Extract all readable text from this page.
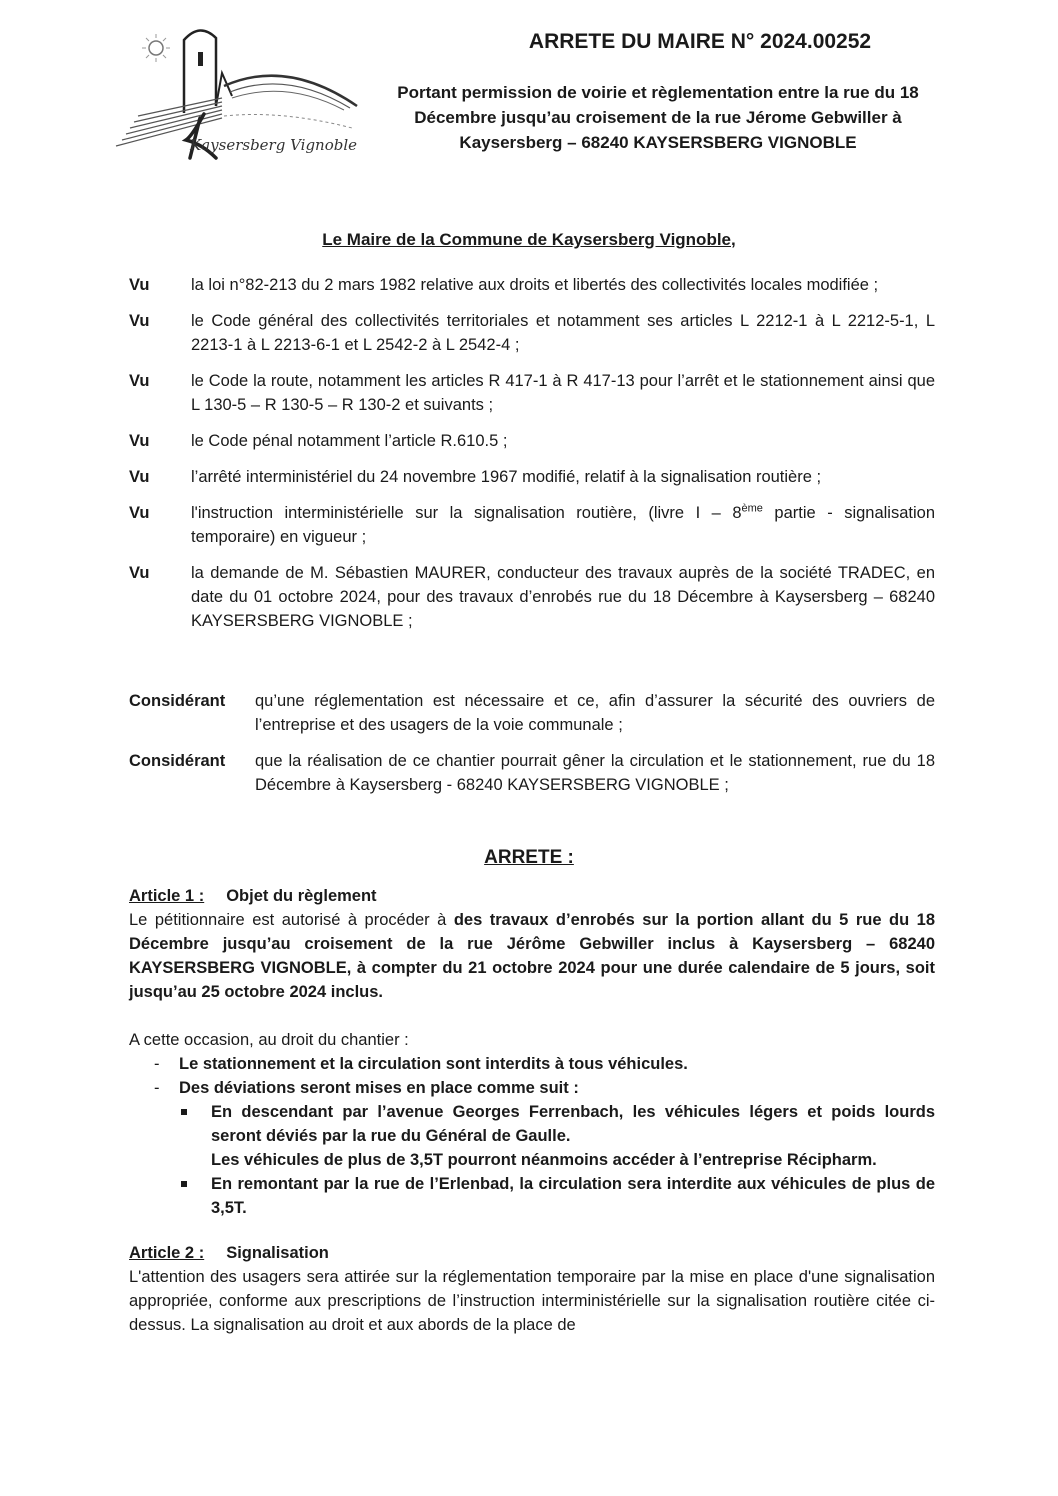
Kaysersberg Vignoble
ARRETE DU MAIRE N° 2024.00252
Portant permission de voirie et règlementation entre la rue du 18 Décembre jusqu’au croisement de la rue Jérome Gebwiller à Kaysersberg – 68240 KAYSERSBERG VIGNOBLE
Le Maire de la Commune de Kaysersberg Vignoble,
Vu	la loi n°82-213 du 2 mars 1982 relative aux droits et libertés des collectivités locales modifiée ;
Vu	le Code général des collectivités territoriales et notamment ses articles L 2212-1 à L 2212-5-1, L 2213-1 à L 2213-6-1 et L 2542-2 à L 2542-4 ;
Vu	le Code la route, notamment les articles R 417-1 à R 417-13 pour l’arrêt et le stationnement ainsi que L 130-5 – R 130-5 – R 130-2 et suivants ;
Vu	le Code pénal notamment l’article R.610.5 ;
Vu	l’arrêté interministériel du 24 novembre 1967 modifié, relatif à la signalisation routière ;
Vu	l'instruction interministérielle sur la signalisation routière, (livre I – 8ème partie - signalisation temporaire) en vigueur ;
Vu	la demande de M. Sébastien MAURER, conducteur des travaux auprès de la société TRADEC, en date du 01 octobre 2024, pour des travaux d’enrobés rue du 18 Décembre à Kaysersberg – 68240 KAYSERSBERG VIGNOBLE ;
Considérant	qu’une réglementation est nécessaire et ce, afin d’assurer la sécurité des ouvriers de l’entreprise et des usagers de la voie communale ;
Considérant	que la réalisation de ce chantier pourrait gêner la circulation et le stationnement, rue du 18 Décembre à Kaysersberg - 68240 KAYSERSBERG VIGNOBLE ;
ARRETE :
Article 1 : Objet du règlement
Le pétitionnaire est autorisé à procéder à des travaux d’enrobés sur la portion allant du 5 rue du 18 Décembre jusqu’au croisement de la rue Jérôme Gebwiller inclus à Kaysersberg – 68240 KAYSERSBERG VIGNOBLE, à compter du 21 octobre 2024 pour une durée calendaire de 5 jours, soit jusqu’au 25 octobre 2024 inclus.
A cette occasion, au droit du chantier :
- Le stationnement et la circulation sont interdits à tous véhicules.
- Des déviations seront mises en place comme suit :
En descendant par l’avenue Georges Ferrenbach, les véhicules légers et poids lourds seront déviés par la rue du Général de Gaulle.
Les véhicules de plus de 3,5T pourront néanmoins accéder à l’entreprise Récipharm.
En remontant par la rue de l’Erlenbad, la circulation sera interdite aux véhicules de plus de 3,5T.
Article 2 : Signalisation
L'attention des usagers sera attirée sur la réglementation temporaire par la mise en place d'une signalisation appropriée, conforme aux prescriptions de l’instruction interministérielle sur la signalisation routière citée ci-dessus. La signalisation au droit et aux abords de la place de
